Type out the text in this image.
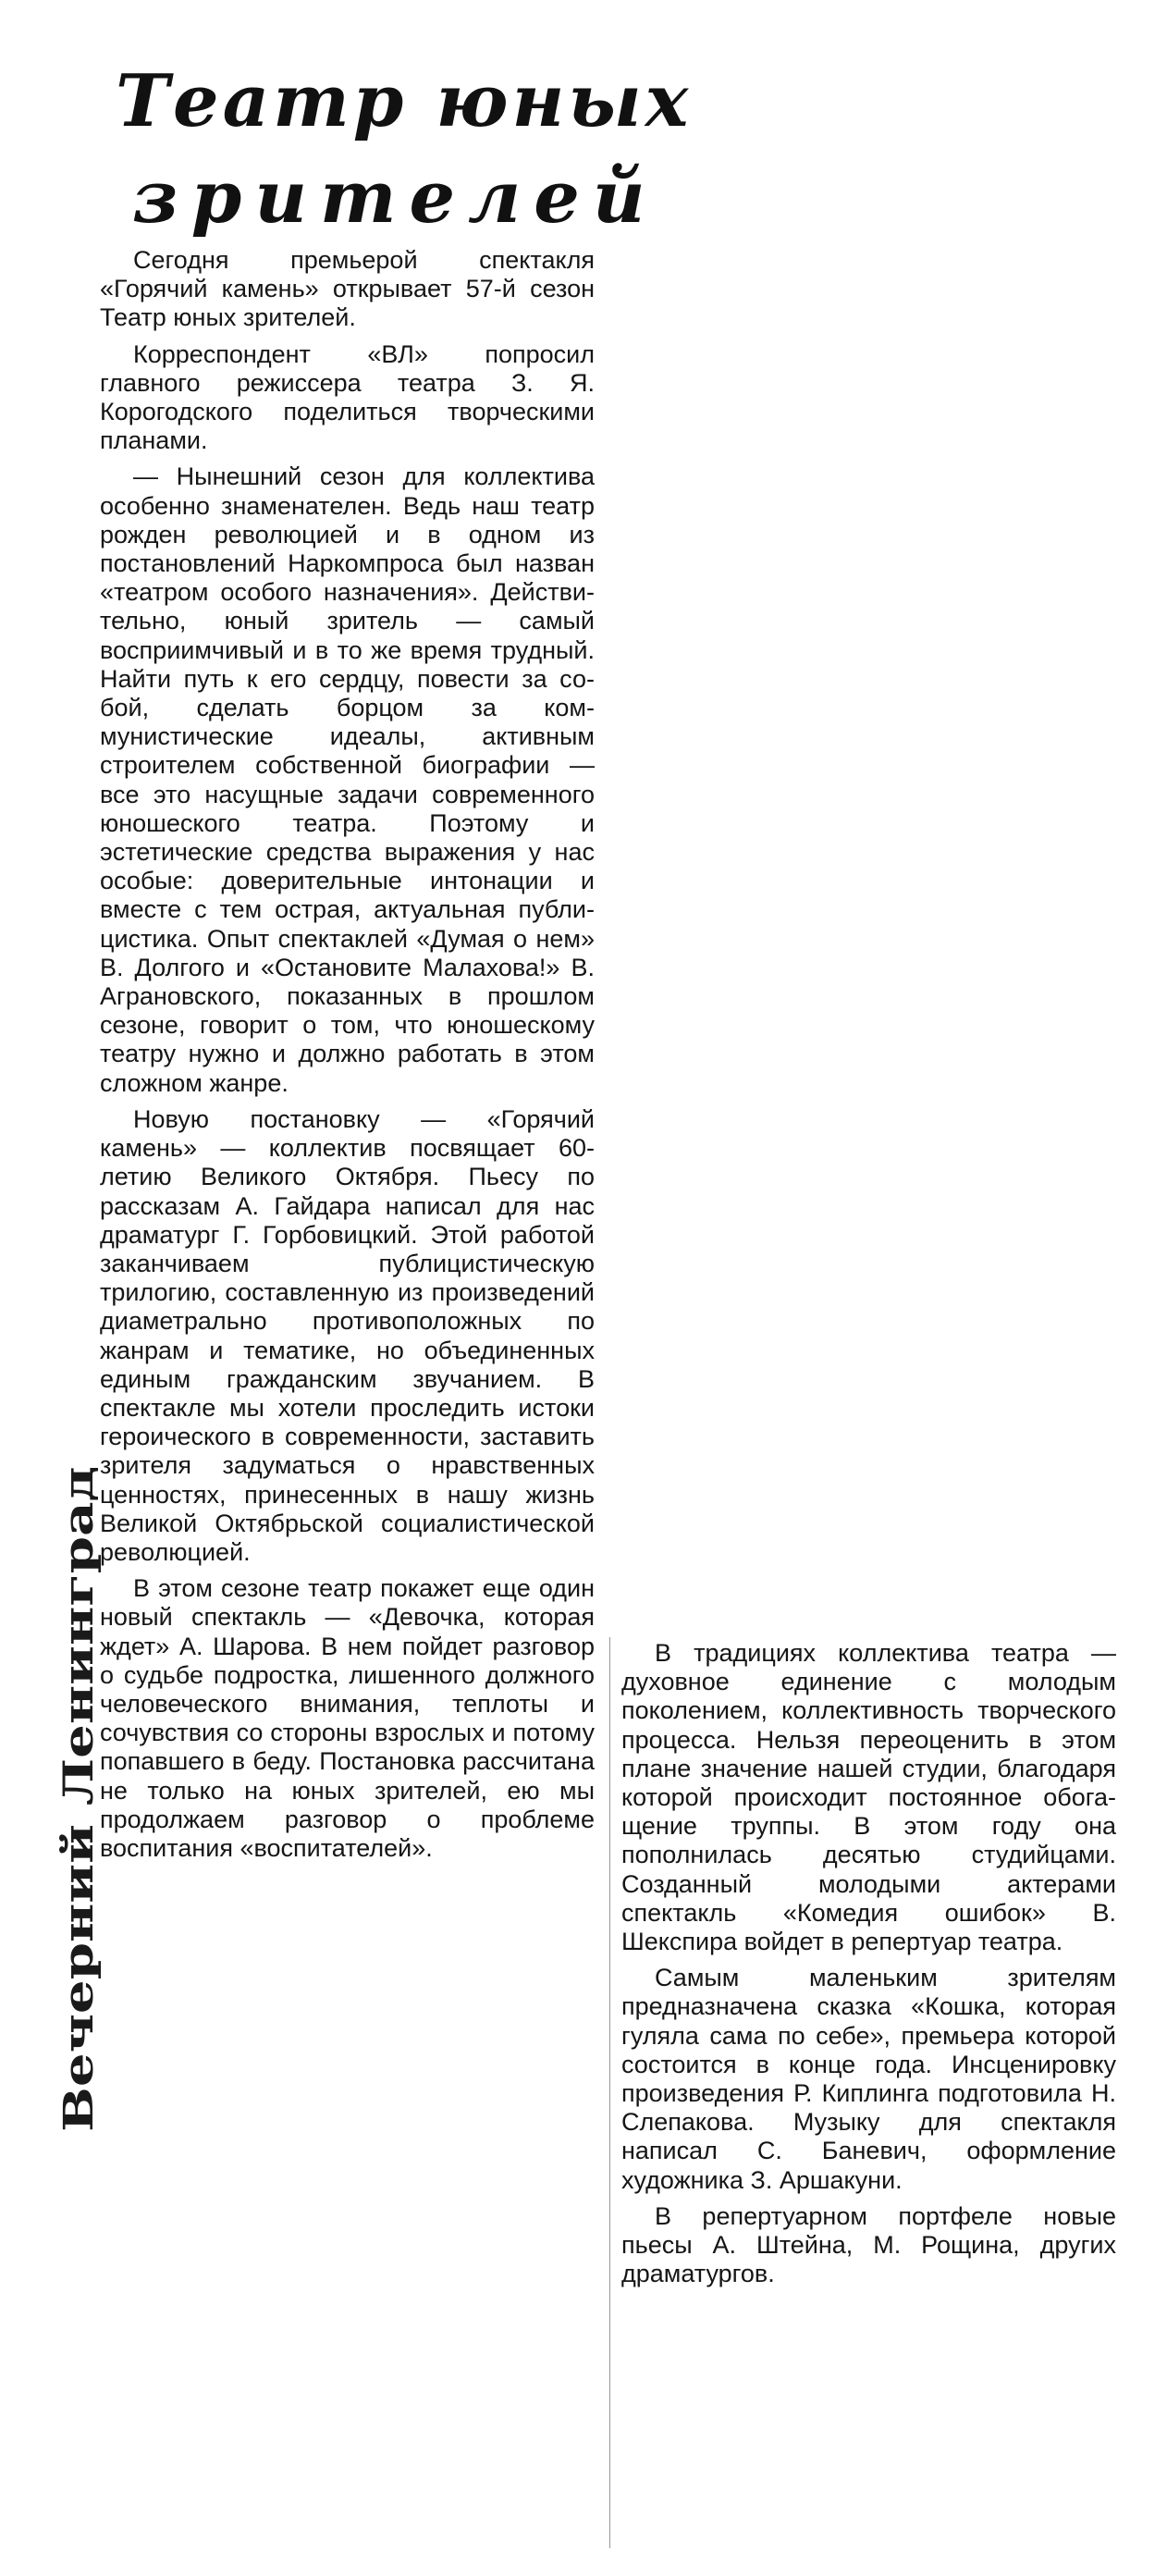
Театр юных
зрителей

Сегодня премьерой спектакля «Горячий камень» открывает 57-й сезон Театр юных зрителей.

Корреспондент «ВЛ» попросил главного режиссера театра З. Я. Корогодского поделиться творческими планами.

— Нынешний сезон для коллектива особенно знаменателен. Ведь наш театр рожден революцией и в одном из постановлений Наркомпроса был назван «театром особого назначения». Действительно, юный зритель — самый восприимчивый и в то же время трудный. Найти путь к его сердцу, повести за собой, сделать борцом за коммунистические идеалы, активным строителем собственной биографии — все это насущные задачи современного юношеского театра. Поэтому и эстетические средства выражения у нас особые: доверительные интонации и вместе с тем острая, актуальная публицистика. Опыт спектаклей «Думая о нем» В. Долгого и «Остановите Малахова!» В. Аграновского, показанных в прошлом сезоне, говорит о том, что юношескому театру нужно и должно работать в этом сложном жанре.

Новую постановку — «Горячий камень» — коллектив посвящает 60-летию Великого Октября. Пьесу по рассказам А. Гайдара написал для нас драматург Г. Горбовицкий. Этой работой заканчиваем публицистическую трилогию, составленную из произведений диаметрально противоположных по жанрам и тематике, но объединенных единым гражданским звучанием. В спектакле мы хотели проследить истоки героического в современности, заставить зрителя задуматься о нравственных ценностях, принесенных в нашу жизнь Великой Октябрьской социалистической революцией.

В этом сезоне театр покажет еще один новый спектакль — «Девочка, которая ждет» А. Шарова. В нем пойдет разговор о судьбе подростка, лишенного должного человеческого внимания, теплоты и сочувствия со стороны взрослых и потому попавшего в беду. Постановка рассчитана не только на юных зрителей, ею мы продолжаем разговор о проблеме воспитания «воспитателей».

Вечерний Ленинград	В традициях коллектива театра — духовное единение с молодым поколением, коллективность творческого процесса. Нельзя переоценить в этом плане значение нашей студии, благодаря которой происходит постоянное обогащение труппы. В этом году она пополнилась десятью студийцами. Созданный молодыми актерами спектакль «Комедия ошибок» В. Шекспира войдет в репертуар театра.

Самым маленьким зрителям предназначена сказка «Кошка, которая гуляла сама по себе», премьера которой состоится в конце года. Инсценировку произведения Р. Киплинга подготовила Н. Слепакова. Музыку для спектакля написал С. Баневич, оформление художника З. Аршакуни.

В репертуарном портфеле новые пьесы А. Штейна, М. Рощина, других драматургов.
